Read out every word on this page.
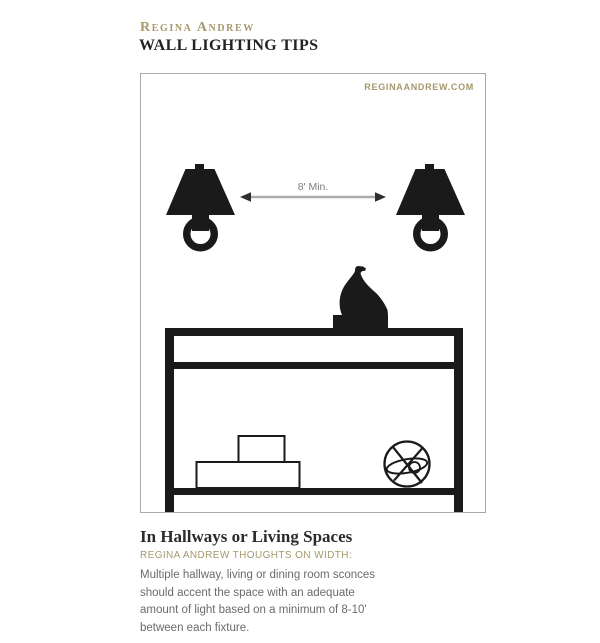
Regina Andrew
WALL LIGHTING TIPS
REGINAANDREW.COM
8' Min.
In Hallways or Living Spaces
REGINA ANDREW THOUGHTS ON WIDTH:
Multiple hallway, living or dining room sconces
should accent the space with an adequate
amount of light based on a minimum of 8-10'
between each fixture.
